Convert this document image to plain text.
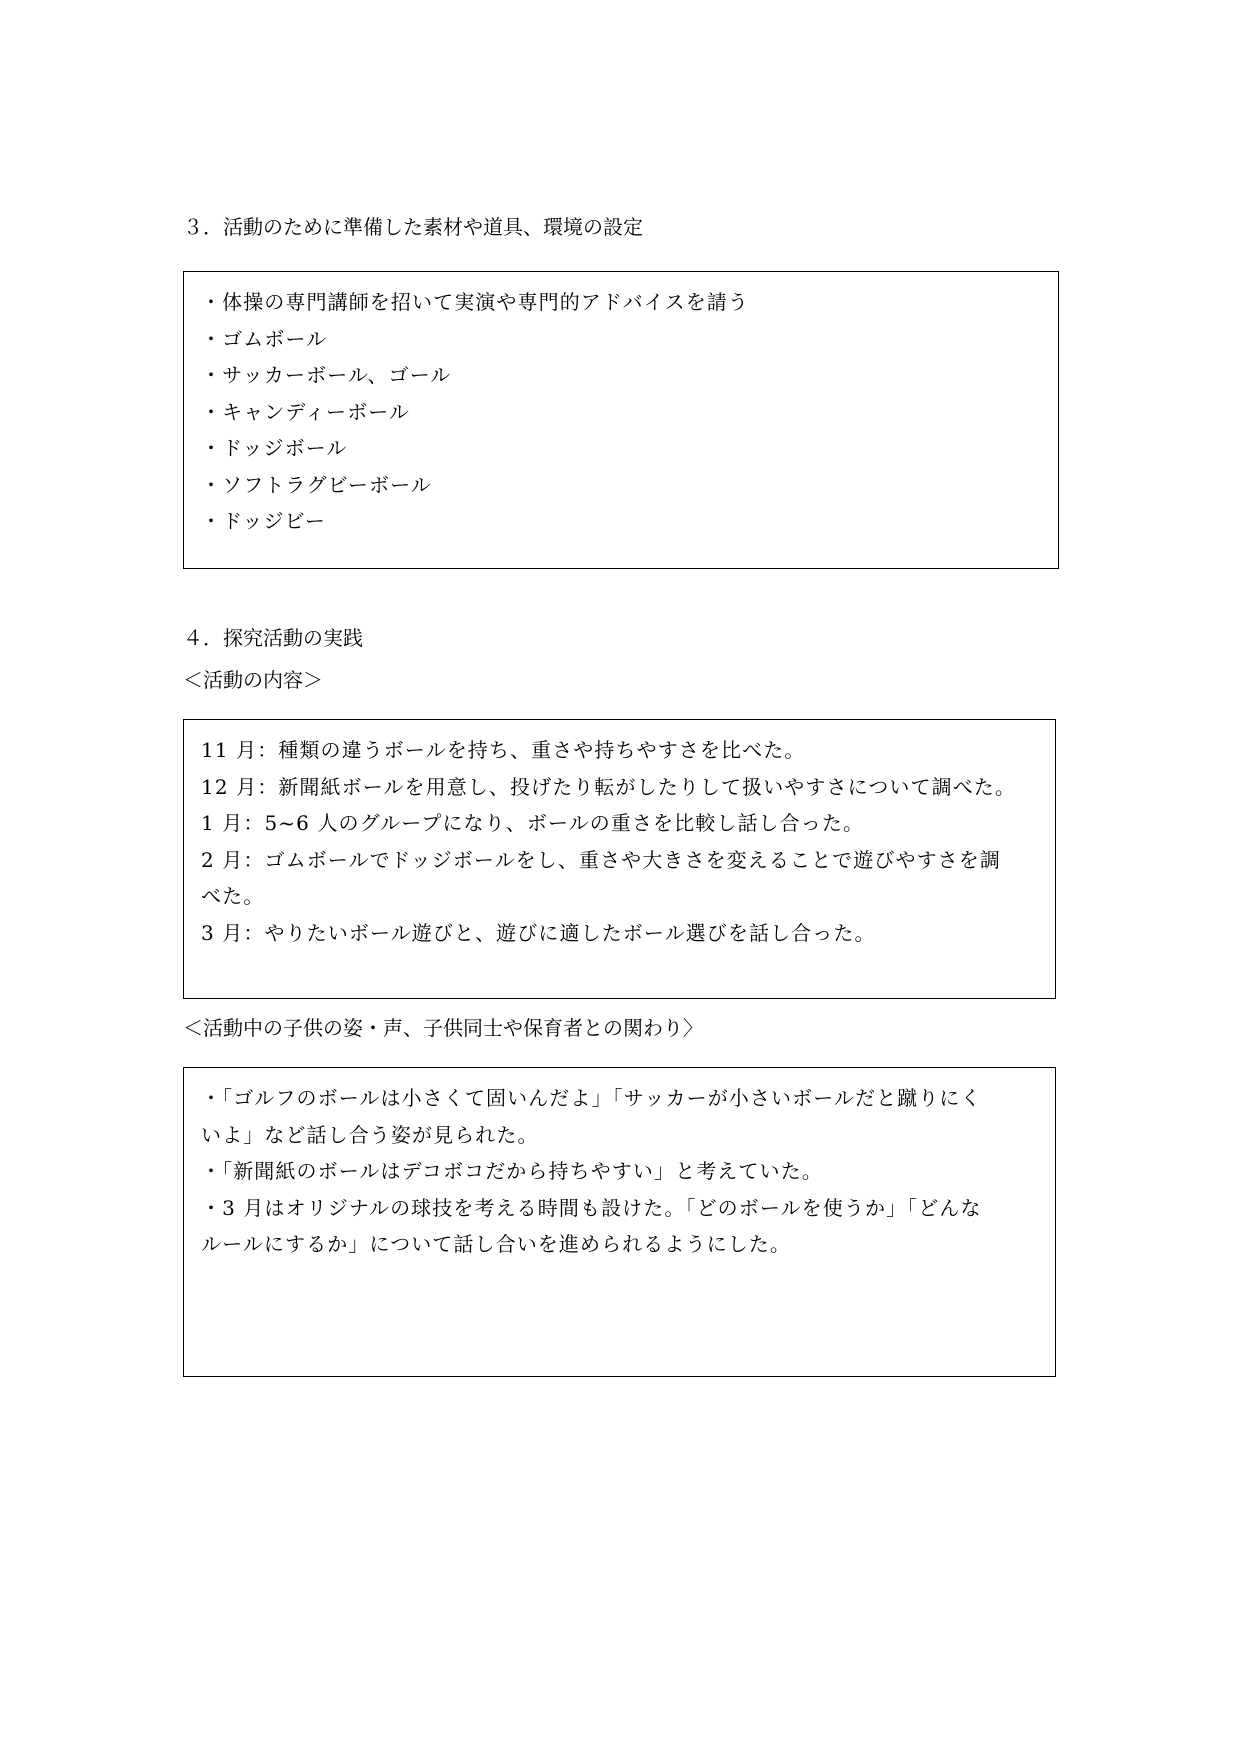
３．活動のために準備した素材や道具、環境の設定
・体操の専門講師を招いて実演や専門的アドバイスを請う
・ゴムボール
・サッカーボール、ゴール
・キャンディーボール
・ドッジボール
・ソフトラグビーボール
・ドッジビー
４．探究活動の実践
＜活動の内容＞
11 月：種類の違うボールを持ち、重さや持ちやすさを比べた。
12 月：新聞紙ボールを用意し、投げたり転がしたりして扱いやすさについて調べた。
1 月：5~6 人のグループになり、ボールの重さを比較し話し合った。
2 月：ゴムボールでドッジボールをし、重さや大きさを変えることで遊びやすさを調
べた。
3 月：やりたいボール遊びと、遊びに適したボール選びを話し合った。
＜活動中の子供の姿・声、子供同士や保育者との関わり〉
・「ゴルフのボールは小さくて固いんだよ」「サッカーが小さいボールだと蹴りにく
いよ」など話し合う姿が見られた。
・「新聞紙のボールはデコボコだから持ちやすい」と考えていた。
・3 月はオリジナルの球技を考える時間も設けた。「どのボールを使うか」「どんな
ルールにするか」について話し合いを進められるようにした。
